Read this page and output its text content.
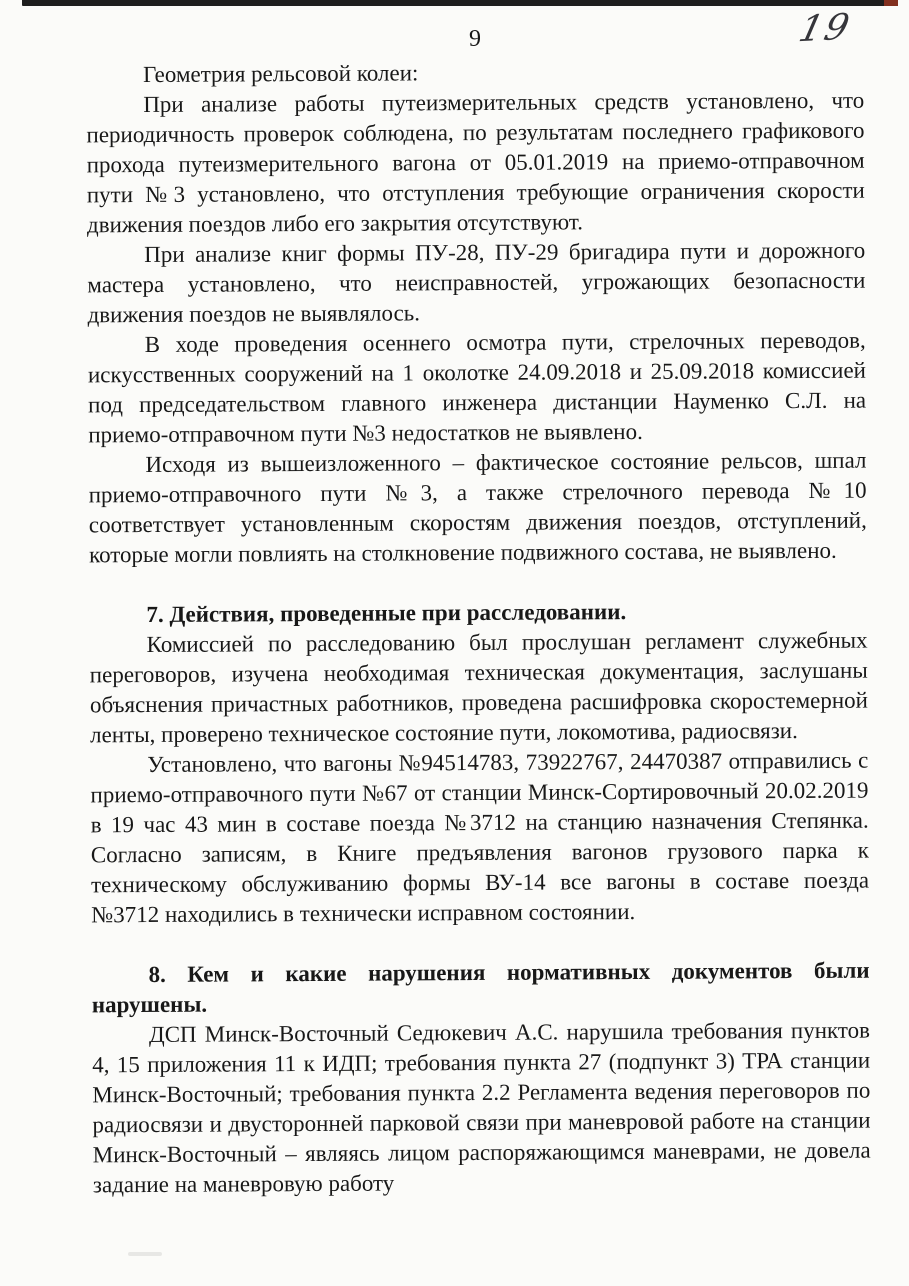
19
9

Геометрия рельсовой колеи:

При анализе работы путеизмерительных средств установлено, что периодичность проверок соблюдена, по результатам последнего графикового прохода путеизмерительного вагона от 05.01.2019 на приемо-отправочном пути №3 установлено, что отступления требующие ограничения скорости движения поездов либо его закрытия отсутствуют.

При анализе книг формы ПУ-28, ПУ-29 бригадира пути и дорожного мастера установлено, что неисправностей, угрожающих безопасности движения поездов не выявлялось.

В ходе проведения осеннего осмотра пути, стрелочных переводов, искусственных сооружений на 1 околотке 24.09.2018 и 25.09.2018 комиссией под председательством главного инженера дистанции Науменко С.Л. на приемо-отправочном пути №3 недостатков не выявлено.

Исходя из вышеизложенного – фактическое состояние рельсов, шпал приемо-отправочного пути №3, а также стрелочного перевода №10 соответствует установленным скоростям движения поездов, отступлений, которые могли повлиять на столкновение подвижного состава, не выявлено.

7. Действия, проведенные при расследовании.

Комиссией по расследованию был прослушан регламент служебных переговоров, изучена необходимая техническая документация, заслушаны объяснения причастных работников, проведена расшифровка скоростемерной ленты, проверено техническое состояние пути, локомотива, радиосвязи.

Установлено, что вагоны №94514783, 73922767, 24470387 отправились с приемо-отправочного пути №67 от станции Минск-Сортировочный 20.02.2019 в 19 час 43 мин в составе поезда №3712 на станцию назначения Степянка. Согласно записям, в Книге предъявления вагонов грузового парка к техническому обслуживанию формы ВУ-14 все вагоны в составе поезда №3712 находились в технически исправном состоянии.

8. Кем и какие нарушения нормативных документов были нарушены.

ДСП Минск-Восточный Седюкевич А.С. нарушила требования пунктов 4, 15 приложения 11 к ИДП; требования пункта 27 (подпункт 3) ТРА станции Минск-Восточный; требования пункта 2.2 Регламента ведения переговоров по радиосвязи и двусторонней парковой связи при маневровой работе на станции Минск-Восточный – являясь лицом распоряжающимся маневрами, не довела задание на маневровую работу
